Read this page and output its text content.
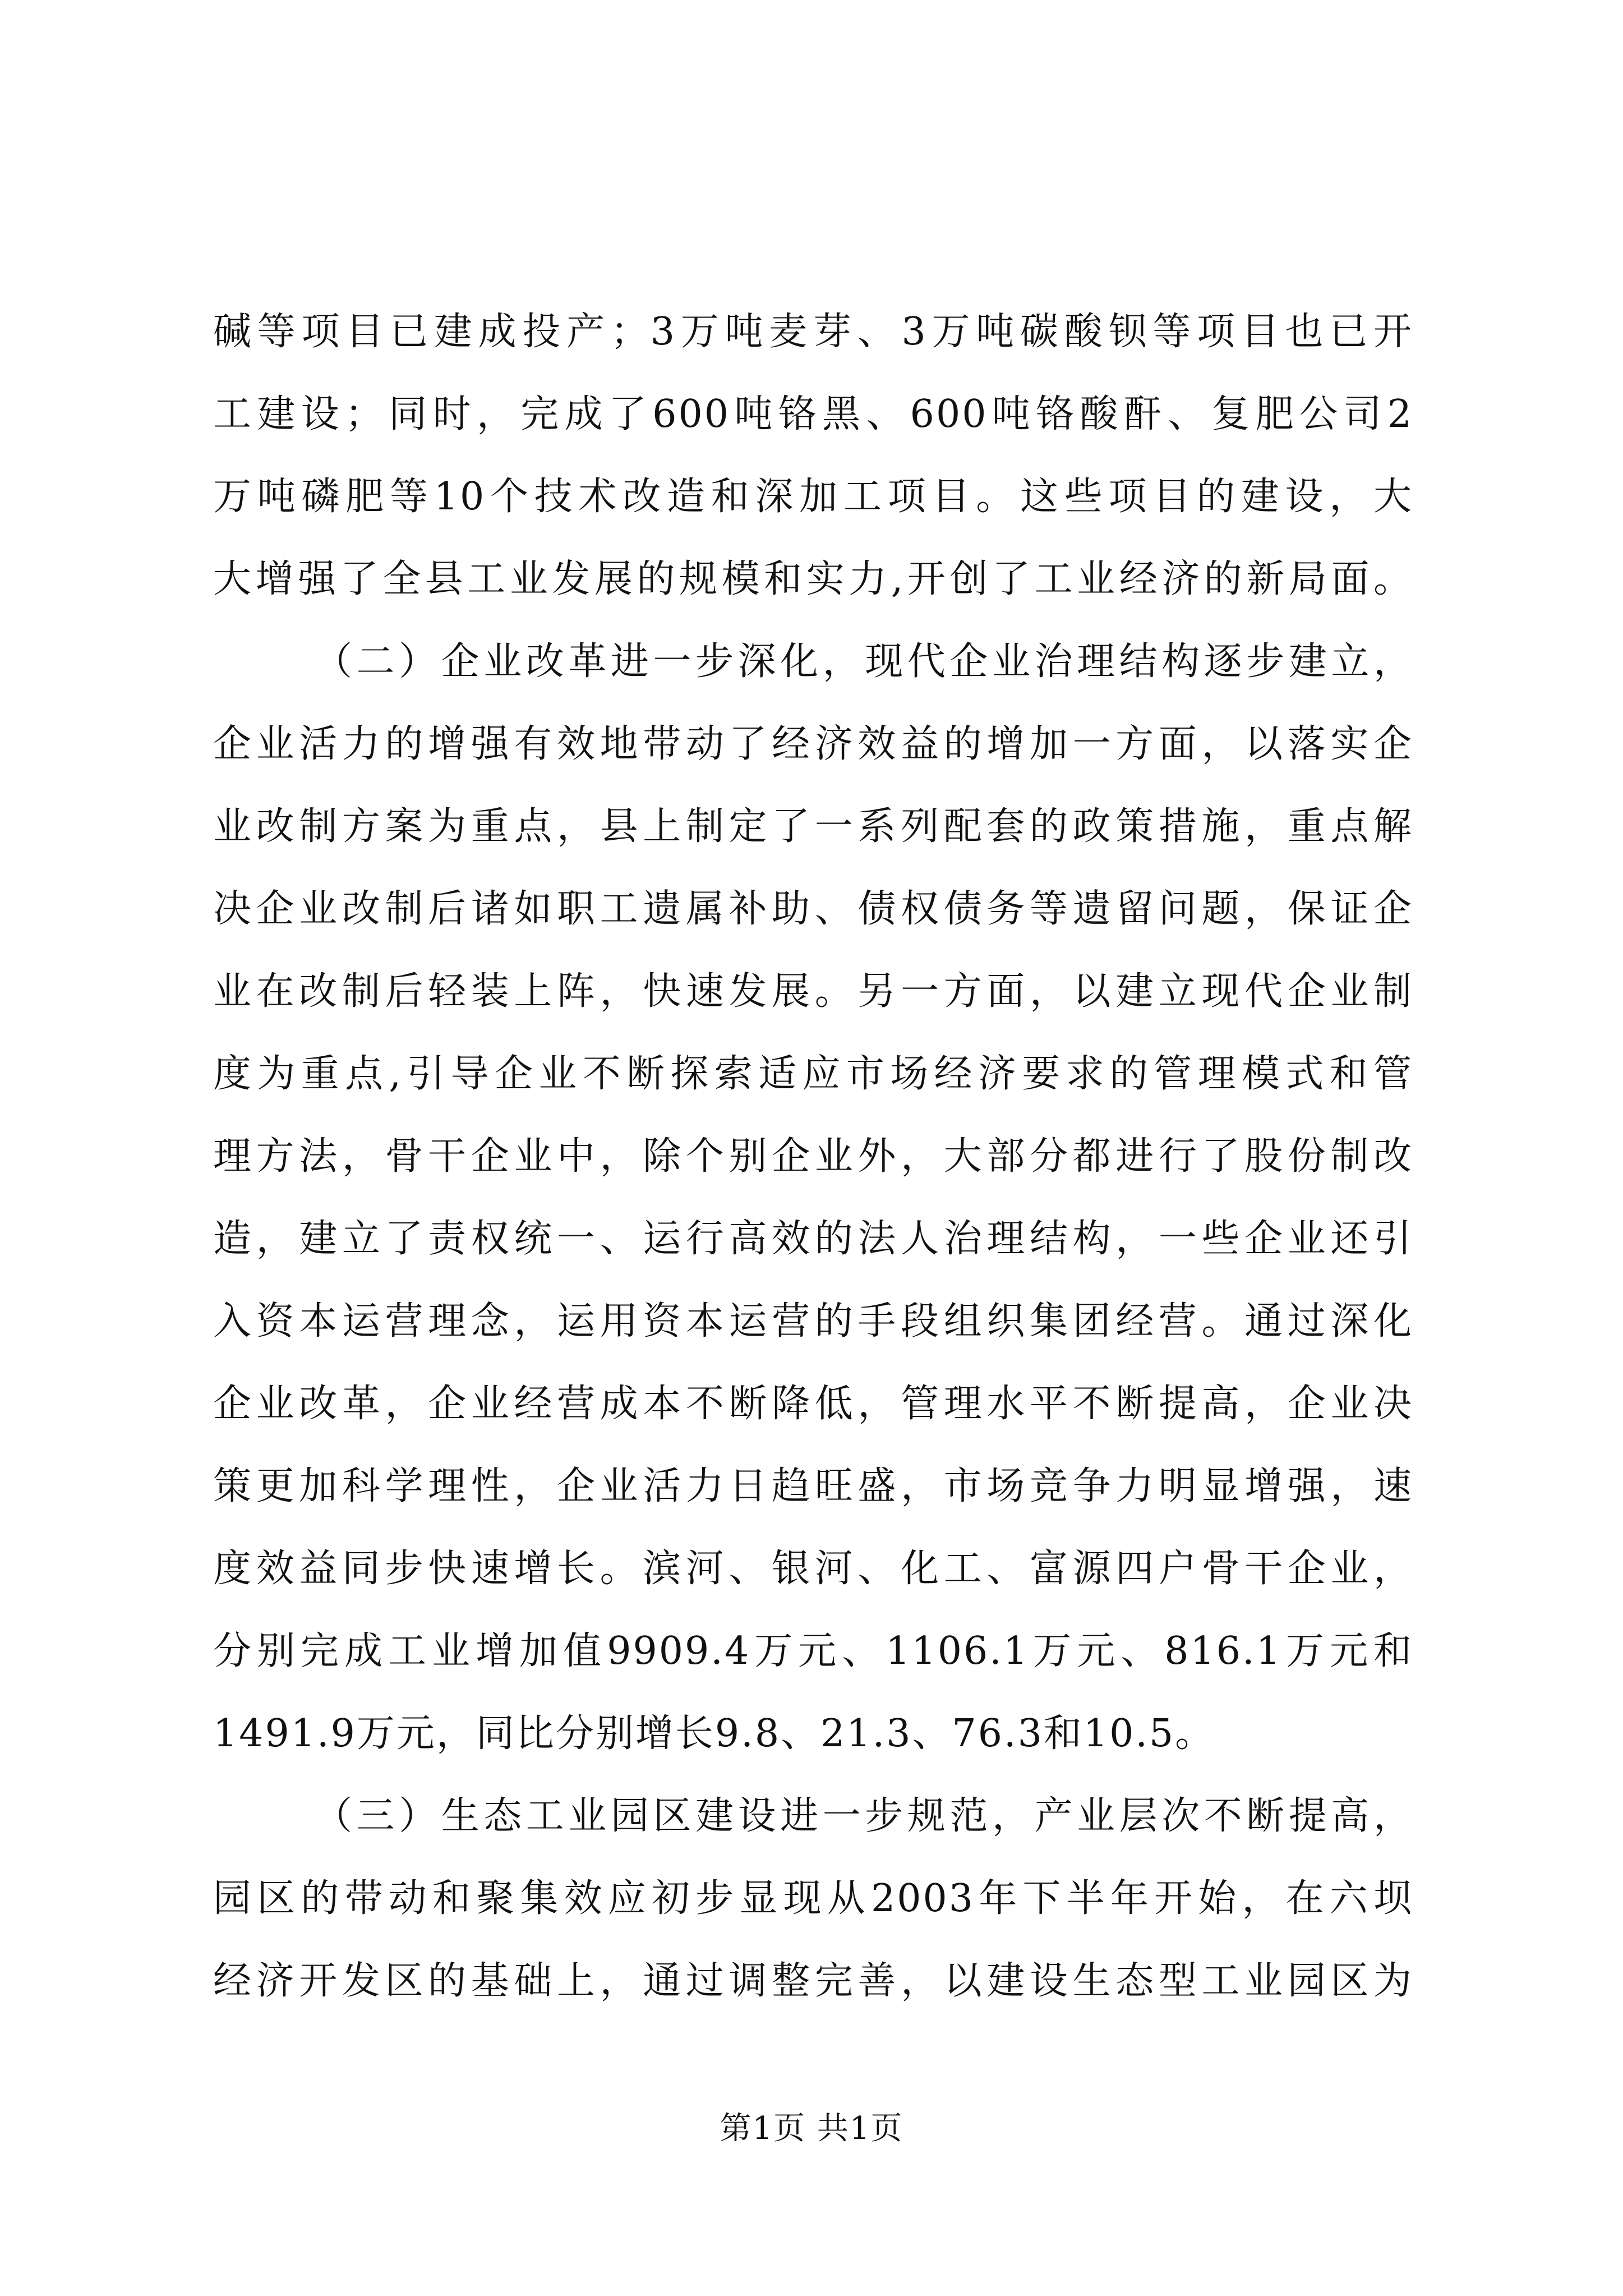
碱等项目已建成投产；3万吨麦芽、3万吨碳酸钡等项目也已开
工建设；同时，完成了600吨铬黑、600吨铬酸酐、复肥公司2
万吨磷肥等10个技术改造和深加工项目。这些项目的建设，大
大增强了全县工业发展的规模和实力,开创了工业经济的新局面。
（二）企业改革进一步深化，现代企业治理结构逐步建立，
企业活力的增强有效地带动了经济效益的增加一方面，以落实企
业改制方案为重点，县上制定了一系列配套的政策措施，重点解
决企业改制后诸如职工遗属补助、债权债务等遗留问题，保证企
业在改制后轻装上阵，快速发展。另一方面，以建立现代企业制
度为重点,引导企业不断探索适应市场经济要求的管理模式和管
理方法，骨干企业中，除个别企业外，大部分都进行了股份制改
造，建立了责权统一、运行高效的法人治理结构，一些企业还引
入资本运营理念，运用资本运营的手段组织集团经营。通过深化
企业改革，企业经营成本不断降低，管理水平不断提高，企业决
策更加科学理性，企业活力日趋旺盛，市场竞争力明显增强，速
度效益同步快速增长。滨河、银河、化工、富源四户骨干企业，
分别完成工业增加值9909.4万元、1106.1万元、816.1万元和
1491.9万元，同比分别增长9.8、21.3、76.3和10.5。
（三）生态工业园区建设进一步规范，产业层次不断提高，
园区的带动和聚集效应初步显现从2003年下半年开始，在六坝
经济开发区的基础上，通过调整完善，以建设生态型工业园区为
第1页 共1页
